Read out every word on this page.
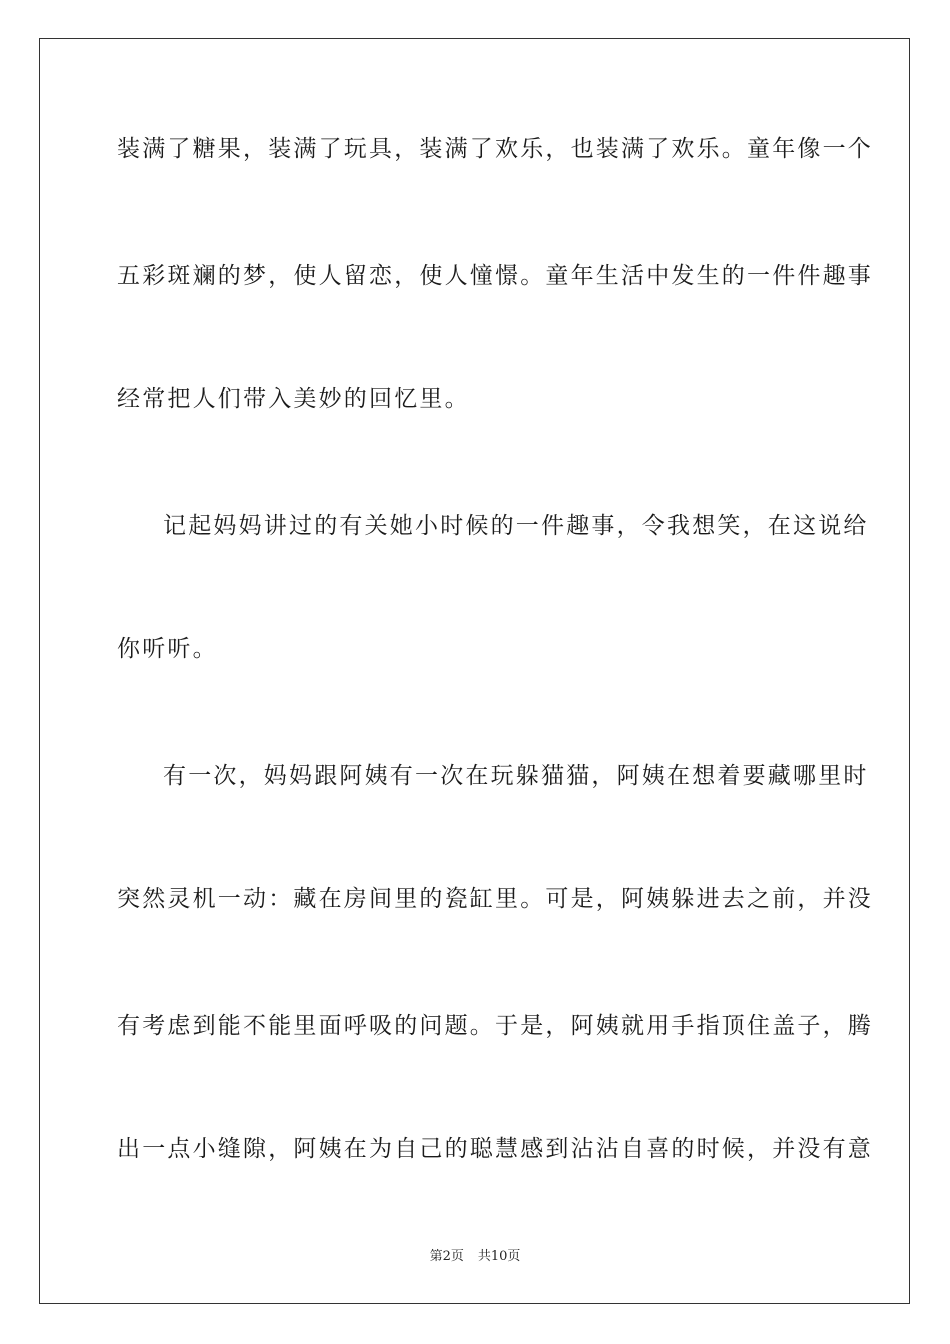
装满了糖果，装满了玩具，装满了欢乐，也装满了欢乐。童年像一个
五彩斑斓的梦，使人留恋，使人憧憬。童年生活中发生的一件件趣事
经常把人们带入美妙的回忆里。
记起妈妈讲过的有关她小时候的一件趣事，令我想笑，在这说给
你听听。
有一次，妈妈跟阿姨有一次在玩躲猫猫，阿姨在想着要藏哪里时
突然灵机一动：藏在房间里的瓷缸里。可是，阿姨躲进去之前，并没
有考虑到能不能里面呼吸的问题。于是，阿姨就用手指顶住盖子，腾
出一点小缝隙，阿姨在为自己的聪慧感到沾沾自喜的时候，并没有意
第2页 共10页
